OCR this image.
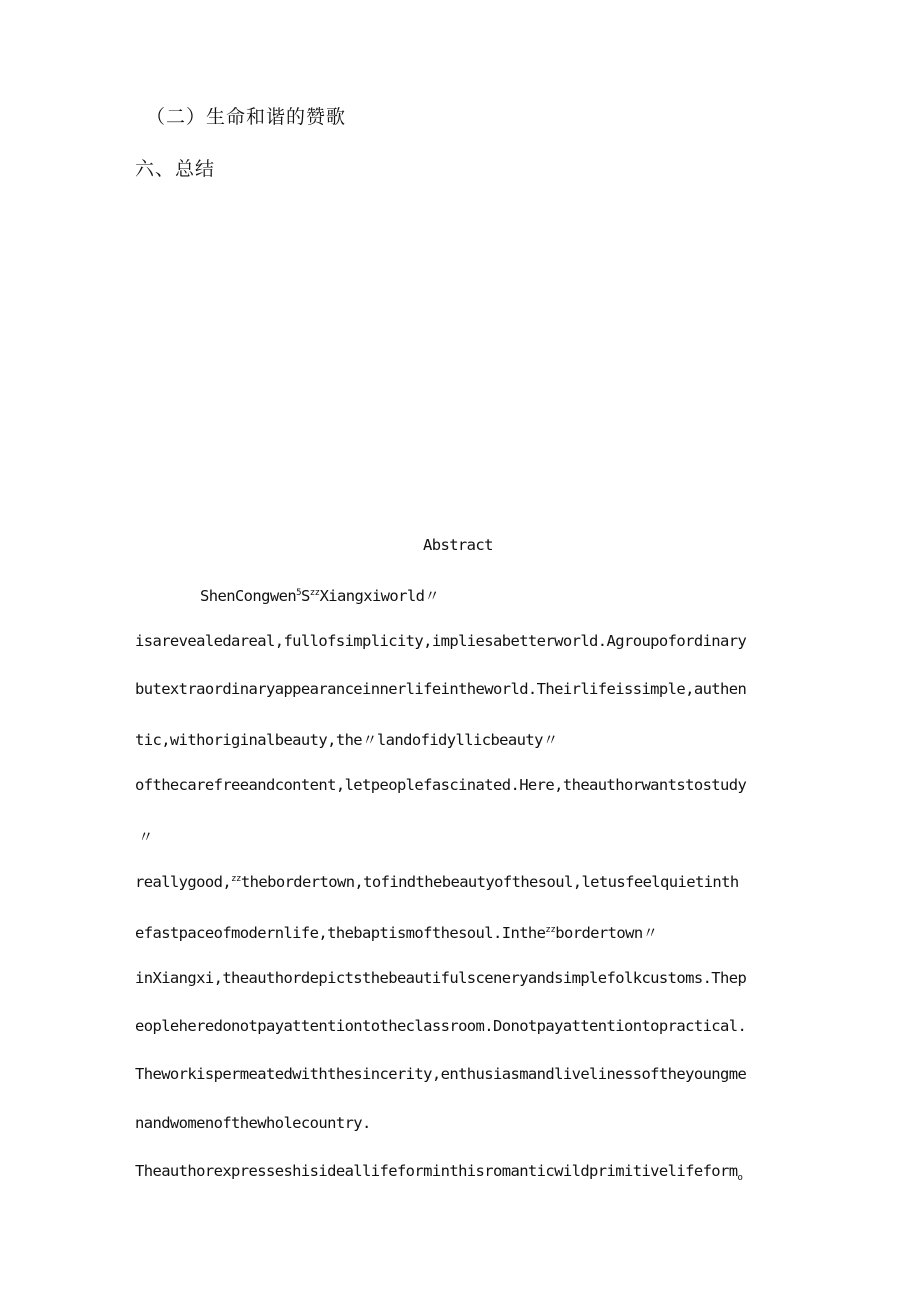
（二）生命和谐的赞歌
六、总结
Abstract
$ShenCongwen^5S^{zz}Xiangxiworld$〃
isarevealedareal,fullofsimplicity,impliesabetterworld.Agroupofordinary
butextraordinaryappearanceinnerlifeintheworld.Theirlifeissimple,authen
tic,withoriginalbeauty,the〃landofidyllicbeauty〃
ofthecarefreeandcontent,letpeoplefascinated.Here,theauthorwantstostudy
〃
reallygood,$^{zz}$thebordertown,tofindthebeautyofthesoul,letusfeelquietinth
efastpaceofmodernlife,thebaptismofthesoul.Inthe$^{zz}$bordertown〃
inXiangxi,theauthordepictsthebeautifulsceneryandsimplefolkcustoms.Thep
eopleheredonotpayattentiontotheclassroom.Donotpayattentiontopractical.
Theworkispermeatedwiththesincerity,enthusiasmandlivelinessoftheyoungme
nandwomenofthewholecountry.
Theauthorexpresseshisideallifeforminthisromanticwildprimitivelifeform$_o$
